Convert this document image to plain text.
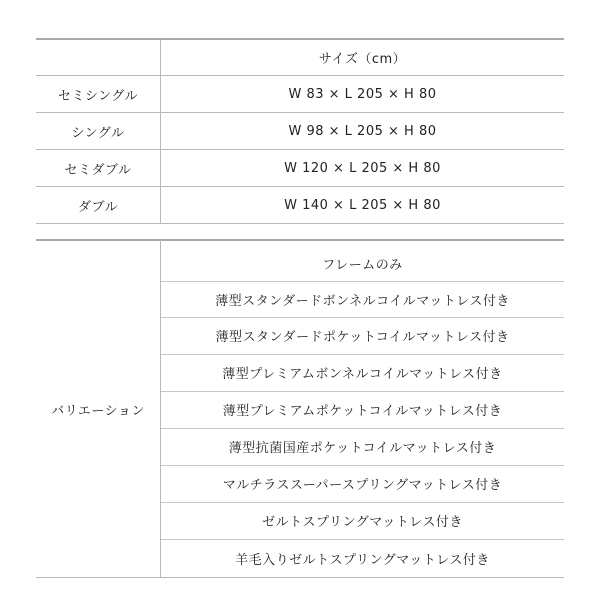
サイズ（cm）
セミシングル	W 83 × L 205 × H 80
シングル	W 98 × L 205 × H 80
セミダブル	W 120 × L 205 × H 80
ダブル	W 140 × L 205 × H 80
バリエーション
フレームのみ
薄型スタンダードボンネルコイルマットレス付き
薄型スタンダードポケットコイルマットレス付き
薄型プレミアムボンネルコイルマットレス付き
薄型プレミアムポケットコイルマットレス付き
薄型抗菌国産ポケットコイルマットレス付き
マルチラススーパースプリングマットレス付き
ゼルトスプリングマットレス付き
羊毛入りゼルトスプリングマットレス付き
